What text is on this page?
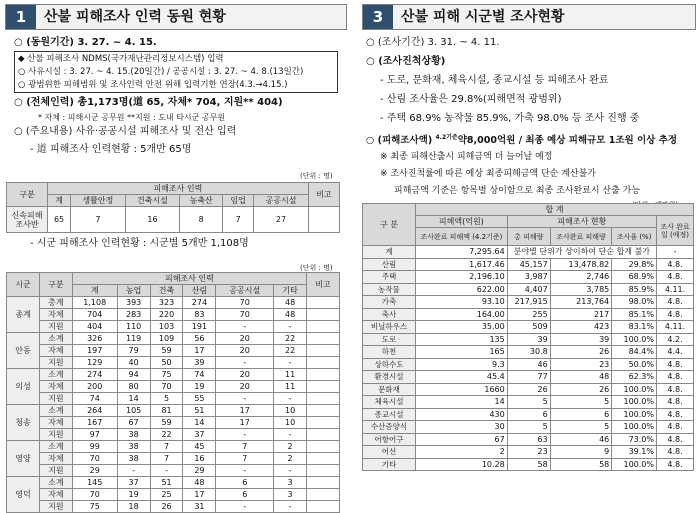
1	산불 피해조사 인력 동원 현황
○ (동원기간) 3. 27. ~ 4. 15.
◆ 산불 피해조사 NDMS(국가재난관리정보시스템) 입력
○ 사유시설 : 3. 27. ~ 4. 15.(20일간) / 공공시설 : 3. 27. ~ 4. 8.(13일간)
○ 광범위한 피해범위 및 조사인력 안전 위해 입력기한 연장(4.3.→4.15.)
○ (전체인력) 총1,173명(道 65, 자체* 704, 지원** 404)
* 자체 : 피해시군 공무원 **지원 : 도내 타시군 공무원
○ (주요내용) 사유·공공시설 피해조사 및 전산 입력
- 道 피해조사 인력현황 : 5개반 65명
(단위 : 명)
구분	피해조사 인력						비고
	계	생활안정	건축시설	농축산	임업	공공시설	
신속피해조사반	65	7	16	8	7	27	
- 시군 피해조사 인력현황 : 시군별 5개반 1,108명
(단위 : 명)
시군	구분	피해조사 인력						비고
		계	농업	건축	산림	공공시설	기타	
종계	총계	1,108	393	323	274	70	48	
	자체	704	283	220	83	70	48	
	지원	404	110	103	191	-	-	
안동	소계	326	119	109	56	20	22	
	자체	197	79	59	17	20	22	
	지원	129	40	50	39	-	-	
의성	소계	274	94	75	74	20	11	
	자체	200	80	70	19	20	11	
	지원	74	14	5	55	-	-	
청송	소계	264	105	81	51	17	10	
	자체	167	67	59	14	17	10	
	지원	97	38	22	37	-	-	
영양	소계	99	38	7	45	7	2	
	자체	70	38	7	16	7	2	
	지원	29	-	-	29	-	-	
영덕	소계	145	37	51	48	6	3	
	자체	70	19	25	17	6	3	
	지원	75	18	26	31	-	-	
3	산불 피해 시군별 조사현황
○ (조사기간) 3. 31. ~ 4. 11.
○ (조사진척상황)
- 도로, 문화재, 체육시설, 종교시설 등 피해조사 완료
- 산림 조사율은 29.8%(피해면적 광범위)
- 주택 68.9% 농작물 85.9%, 가축 98.0% 등 조사 진행 중
○ (피해조사액) $^{4.2기준}$약8,000억원 / 최종 예상 피해규모 1조원 이상 추정
※ 최종 피해산출시 피해금액 더 늘어날 예정
※ 조사진척률에 따른 예상 최종피해금액 단순 계산불가
피해금액 기준은 항목별 상이함으로 최종 조사완료시 산출 가능
구 분	합 계				
	피해액(억원)	피해조사 현황			조사 완료일 (예정)
	조사완료 피해액 (4.2기준)	총 피해량	조사완료 피해량	조사율 (%)	
계	7,295.64	분야별 단위가 상이하여 단순 합계 불가			-
산림	1,617.46	45,157	13,478.82	29.8%	4.8.
주택	2,196.10	3,987	2,746	68.9%	4.8.
농작물	622.00	4,407	3,785	85.9%	4.11.
가축	93.10	217,915	213,764	98.0%	4.8.
축사	164.00	255	217	85.1%	4.8.
비닐하우스	35.00	509	423	83.1%	4.11.
도로	135	39	39	100.0%	4.2.
하천	165	30.8	26	84.4%	4.4.
상하수도	9.3	46	23	50.0%	4.8.
환경시설	45.4	77	48	62.3%	4.8.
문화재	1660	26	26	100.0%	4.8.
체육시설	14	5	5	100.0%	4.8.
종교시설	430	6	6	100.0%	4.8.
수산증양식	30	5	5	100.0%	4.8.
어항어구	67	63	46	73.0%	4.8.
어선	2	23	9	39.1%	4.8.
기타	10.28	58	58	100.0%	4.8.
